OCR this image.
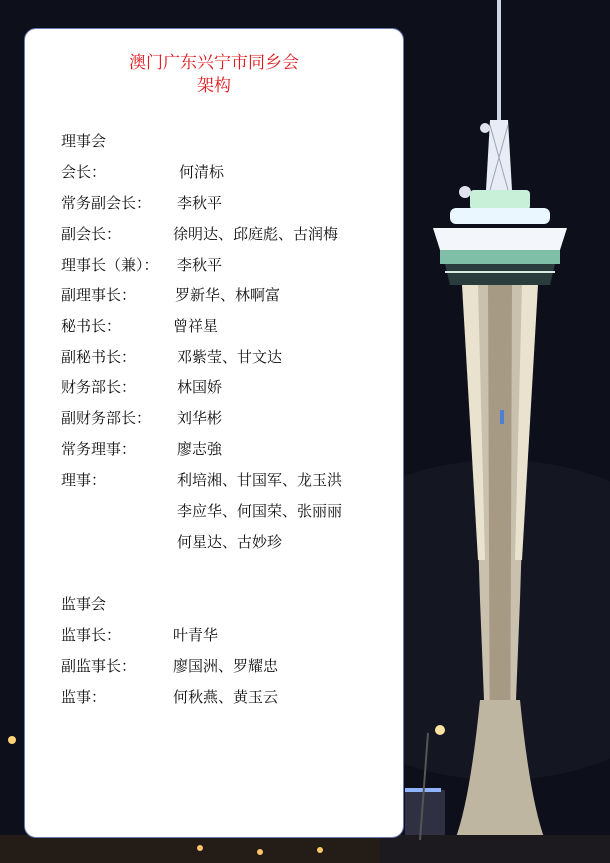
澳门广东兴宁市同乡会
架构
理事会
会长：	何清标
常务副会长： 李秋平
副会长：	徐明达、邱庭彪、古润梅
理事长（兼）： 李秋平
副理事长：	罗新华、林啊富
秘书长：	曾祥星
副秘书长：	邓紫莹、甘文达
财务部长：	林国娇
副财务部长： 刘华彬
常务理事：	廖志強
理事：	利培湘、甘国军、龙玉洪
李应华、何国荣、张丽丽
何星达、古妙珍
监事会
监事长：	叶青华
副监事长： 廖国洲、罗耀忠
监事：	何秋燕、黄玉云
